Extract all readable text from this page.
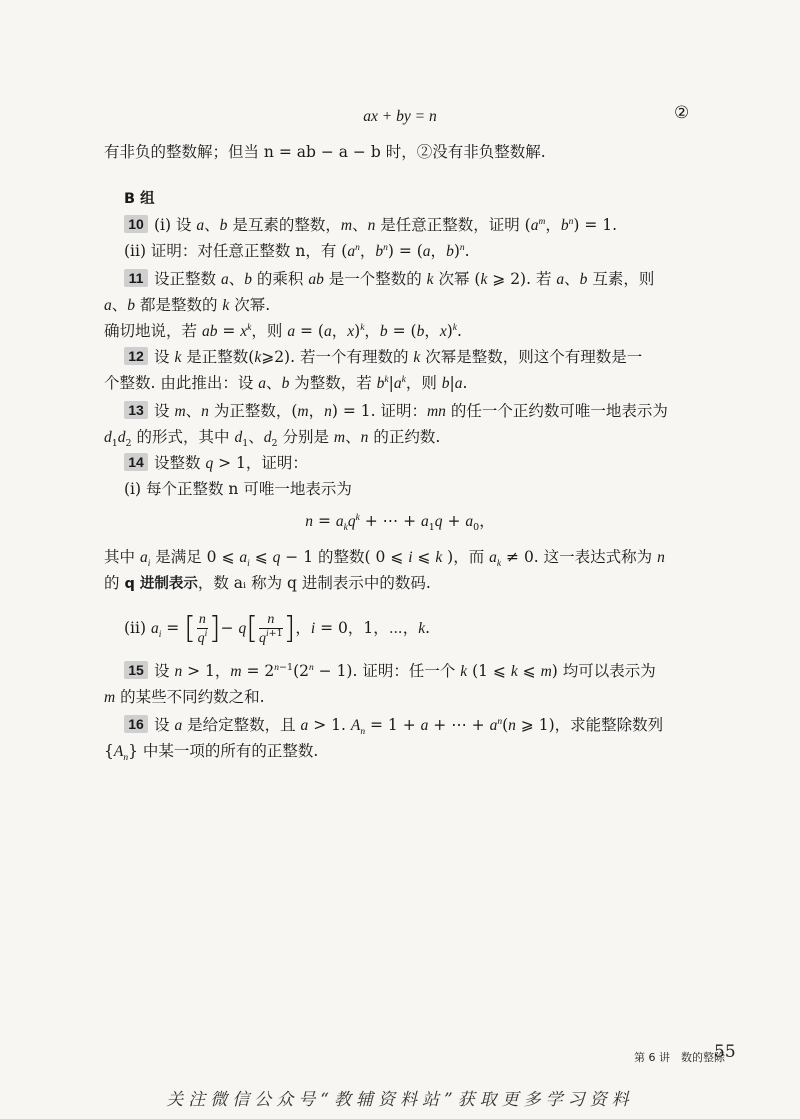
ax + by = n	②
有非负的整数解；但当 n = ab − a − b 时，②没有非负整数解.
B 组
10 (i) 设 a、b 是互素的整数，m、n 是任意正整数，证明 ($a^m$，$b^n) = 1$.
(ii) 证明：对任意正整数 n，有 ($a^n$，$b^n) = (a$，b)$^n$.
11 设正整数 a、b 的乘积 ab 是一个整数的 k 次幂 (k ⩾ 2). 若 a、b 互素，则
a、b 都是整数的 k 次幂.
确切地说，若 ab = $x^k$，则 a = (a，x)$^k$，b = (b，x)$^k$.
12 设 k 是正整数(k⩾2). 若一个有理数的 k 次幂是整数，则这个有理数是一
个整数. 由此推出：设 a、b 为整数，若 $b^k|a^k$，则 b|a.
13 设 m、n 为正整数，(m，n) = 1. 证明：mn 的任一个正约数可唯一地表示为
$d_1d_2$ 的形式，其中 $d_1$、$d_2$ 分别是 m、n 的正约数.
14 设整数 q > 1，证明：
(i) 每个正整数 n 可唯一地表示为
$n = a_kq^k$ + ⋯ + $a_1q + a_0$，
其中 $a_i$ 是满足 0 ⩽ $a_i$ ⩽ q − 1 的整数( 0 ⩽ i ⩽ k )，而 $a_k \ne 0$. 这一表达式称为 n
的 q 进制表示，数 aᵢ 称为 q 进制表示中的数码.
(ii) $a_i$ = [ $\frac{n}{q^i}$ ]− $q[ \frac{n}{q^{i+1}}$ ]，i = 0，1，⋯，k.
15 设 n > 1，$m = 2^{n-1}(2^n - 1)$. 证明：任一个 k (1 ⩽ k ⩽ m) 均可以表示为
m 的某些不同约数之和.
16 设 a 是给定整数，且 a > 1. $A_n = 1 + a$ + ⋯ + $a^n(n$ ⩾ 1)，求能整除数列
$\{A_n\}$ 中某一项的所有的正整数.
第 6 讲　数的整除
55
关注微信公众号“教辅资料站”获取更多学习资料
